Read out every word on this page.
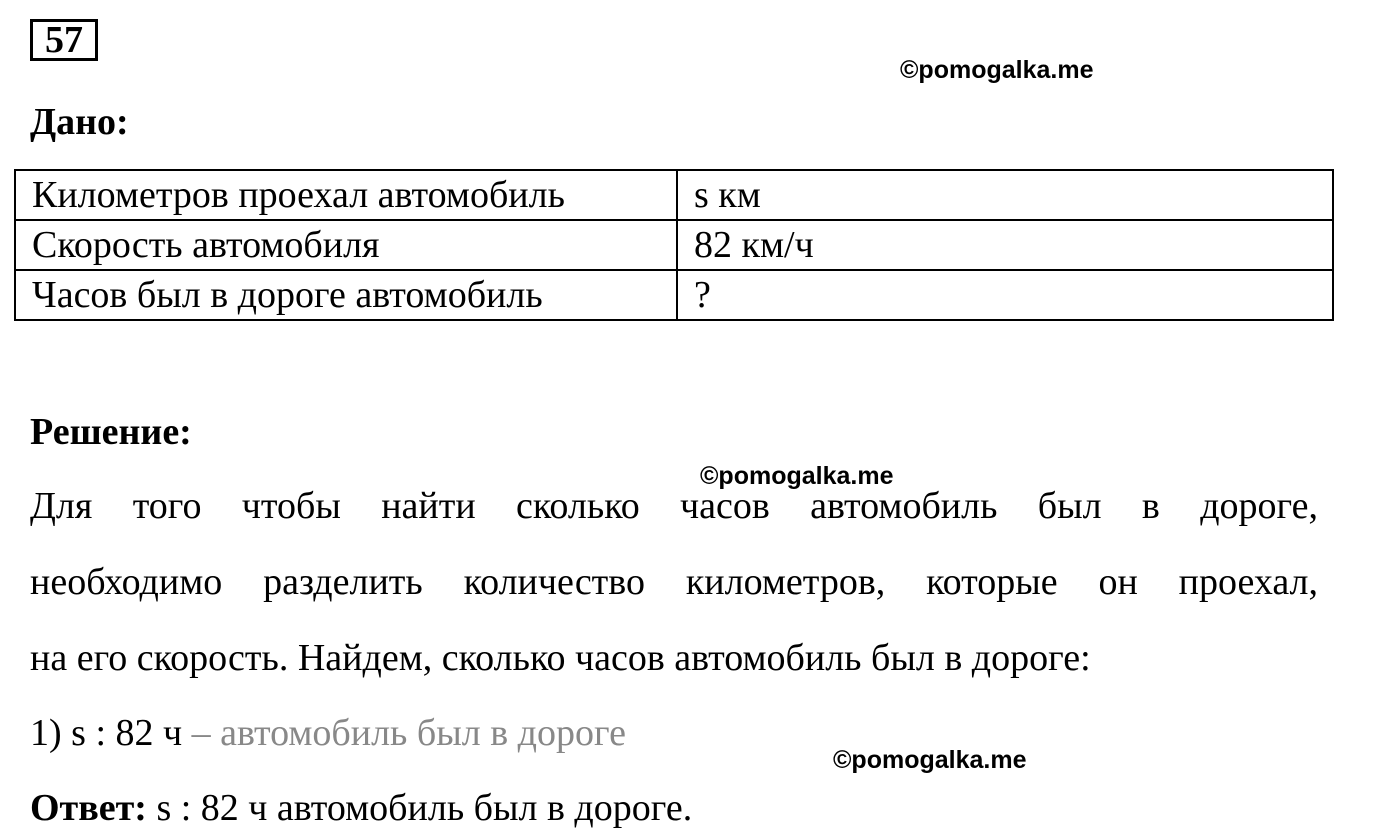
57
©pomogalka.me
Дано:
Километров проехал автомобиль	s км
Скорость автомобиля	82 км/ч
Часов был в дороге автомобиль	?
Решение:
©pomogalka.me
Для того чтобы найти сколько часов автомобиль был в дороге,
необходимо разделить количество километров, которые он проехал,
на его скорость. Найдем, сколько часов автомобиль был в дороге:
1) s : 82 ч – автомобиль был в дороге
©pomogalka.me
Ответ: s : 82 ч автомобиль был в дороге.
